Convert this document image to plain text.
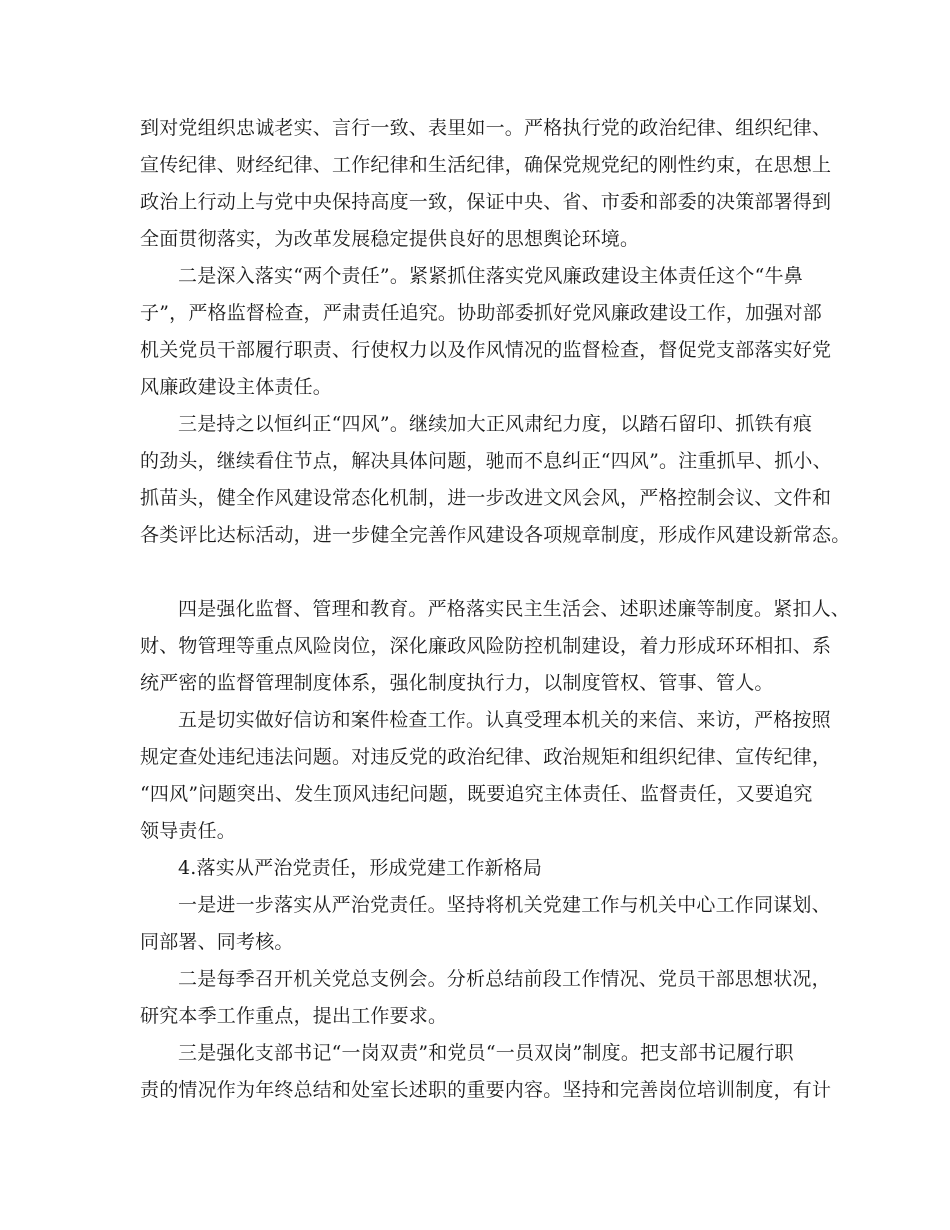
到对党组织忠诚老实、言行一致、表里如一。严格执行党的政治纪律、组织纪律、
宣传纪律、财经纪律、工作纪律和生活纪律，确保党规党纪的刚性约束，在思想上
政治上行动上与党中央保持高度一致，保证中央、省、市委和部委的决策部署得到
全面贯彻落实，为改革发展稳定提供良好的思想舆论环境。
二是深入落实“两个责任”。紧紧抓住落实党风廉政建设主体责任这个“牛鼻
子”，严格监督检查，严肃责任追究。协助部委抓好党风廉政建设工作，加强对部
机关党员干部履行职责、行使权力以及作风情况的监督检查，督促党支部落实好党
风廉政建设主体责任。
三是持之以恒纠正“四风”。继续加大正风肃纪力度，以踏石留印、抓铁有痕
的劲头，继续看住节点，解决具体问题，驰而不息纠正“四风”。注重抓早、抓小、
抓苗头，健全作风建设常态化机制，进一步改进文风会风，严格控制会议、文件和
各类评比达标活动，进一步健全完善作风建设各项规章制度，形成作风建设新常态。
四是强化监督、管理和教育。严格落实民主生活会、述职述廉等制度。紧扣人、
财、物管理等重点风险岗位，深化廉政风险防控机制建设，着力形成环环相扣、系
统严密的监督管理制度体系，强化制度执行力，以制度管权、管事、管人。
五是切实做好信访和案件检查工作。认真受理本机关的来信、来访，严格按照
规定查处违纪违法问题。对违反党的政治纪律、政治规矩和组织纪律、宣传纪律，
“四风”问题突出、发生顶风违纪问题，既要追究主体责任、监督责任，又要追究
领导责任。
4.落实从严治党责任，形成党建工作新格局
一是进一步落实从严治党责任。坚持将机关党建工作与机关中心工作同谋划、
同部署、同考核。
二是每季召开机关党总支例会。分析总结前段工作情况、党员干部思想状况，
研究本季工作重点，提出工作要求。
三是强化支部书记“一岗双责”和党员“一员双岗”制度。把支部书记履行职
责的情况作为年终总结和处室长述职的重要内容。坚持和完善岗位培训制度，有计
